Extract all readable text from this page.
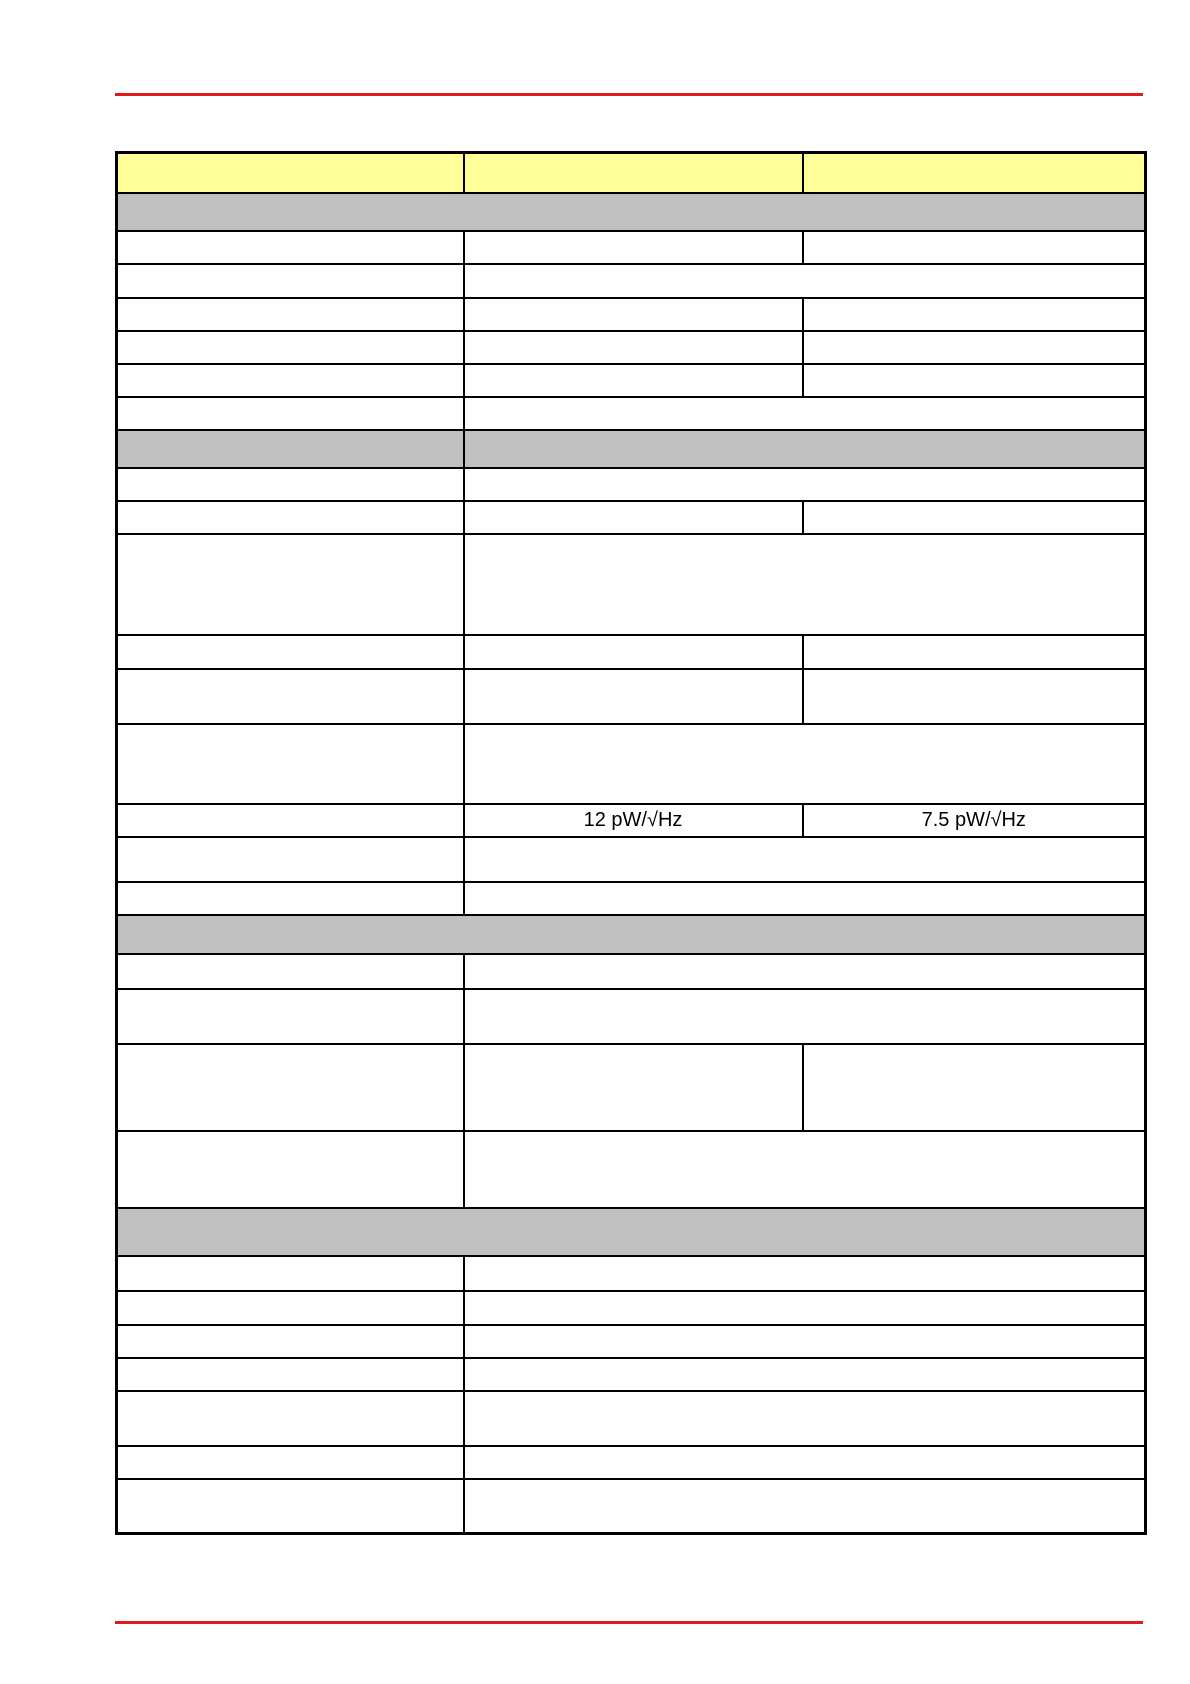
	12 pW/√Hz	7.5 pW/√Hz
